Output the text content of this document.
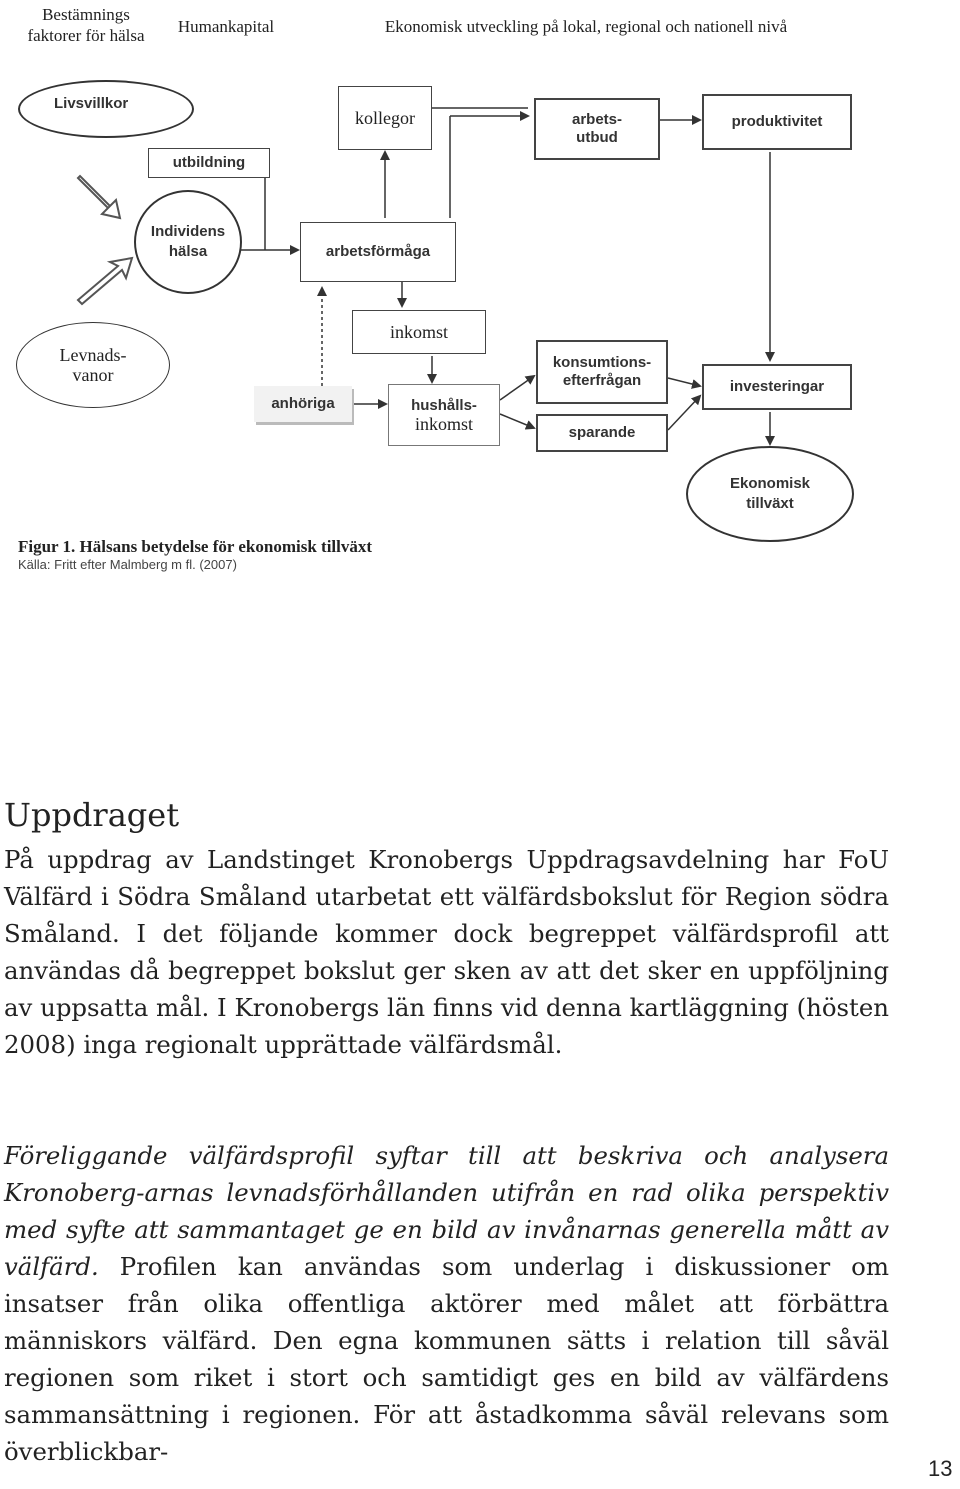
Bestämnings faktorer för hälsa	Humankapital	Ekonomisk utveckling på lokal, regional och nationell nivå
Livsvillkor
utbildning
Individens hälsa
Levnads- vanor
kollegor
arbetsförmåga
inkomst
anhöriga	hushålls-
inkomst
arbets- utbud
produktivitet
konsumtions- efterfrågan
sparande
investeringar
Ekonomisk tillväxt
Figur 1. Hälsans betydelse för ekonomisk tillväxt
Källa: Fritt efter Malmberg m fl. (2007)
Uppdraget

På uppdrag av Landstinget Kronobergs Uppdragsavdelning har FoU Välfärd i Södra Småland utarbetat ett välfärdsbokslut för Region södra Småland. I det följande kommer dock begreppet välfärdsprofil att användas då begreppet bokslut ger sken av att det sker en uppföljning av uppsatta mål. I Kronobergs län finns vid denna kartläggning (hösten 2008) inga regionalt upprättade välfärdsmål.

Föreliggande välfärdsprofil syftar till att beskriva och analysera Kronoberg-arnas levnadsförhållanden utifrån en rad olika perspektiv med syfte att sammantaget ge en bild av invånarnas generella mått av välfärd. Profilen kan användas som underlag i diskussioner om insatser från olika offentliga aktörer med målet att förbättra människors välfärd. Den egna kommunen sätts i relation till såväl regionen som riket i stort och samtidigt ges en bild av välfärdens sammansättning i regionen. För att åstadkomma såväl relevans som överblickbar-

13
